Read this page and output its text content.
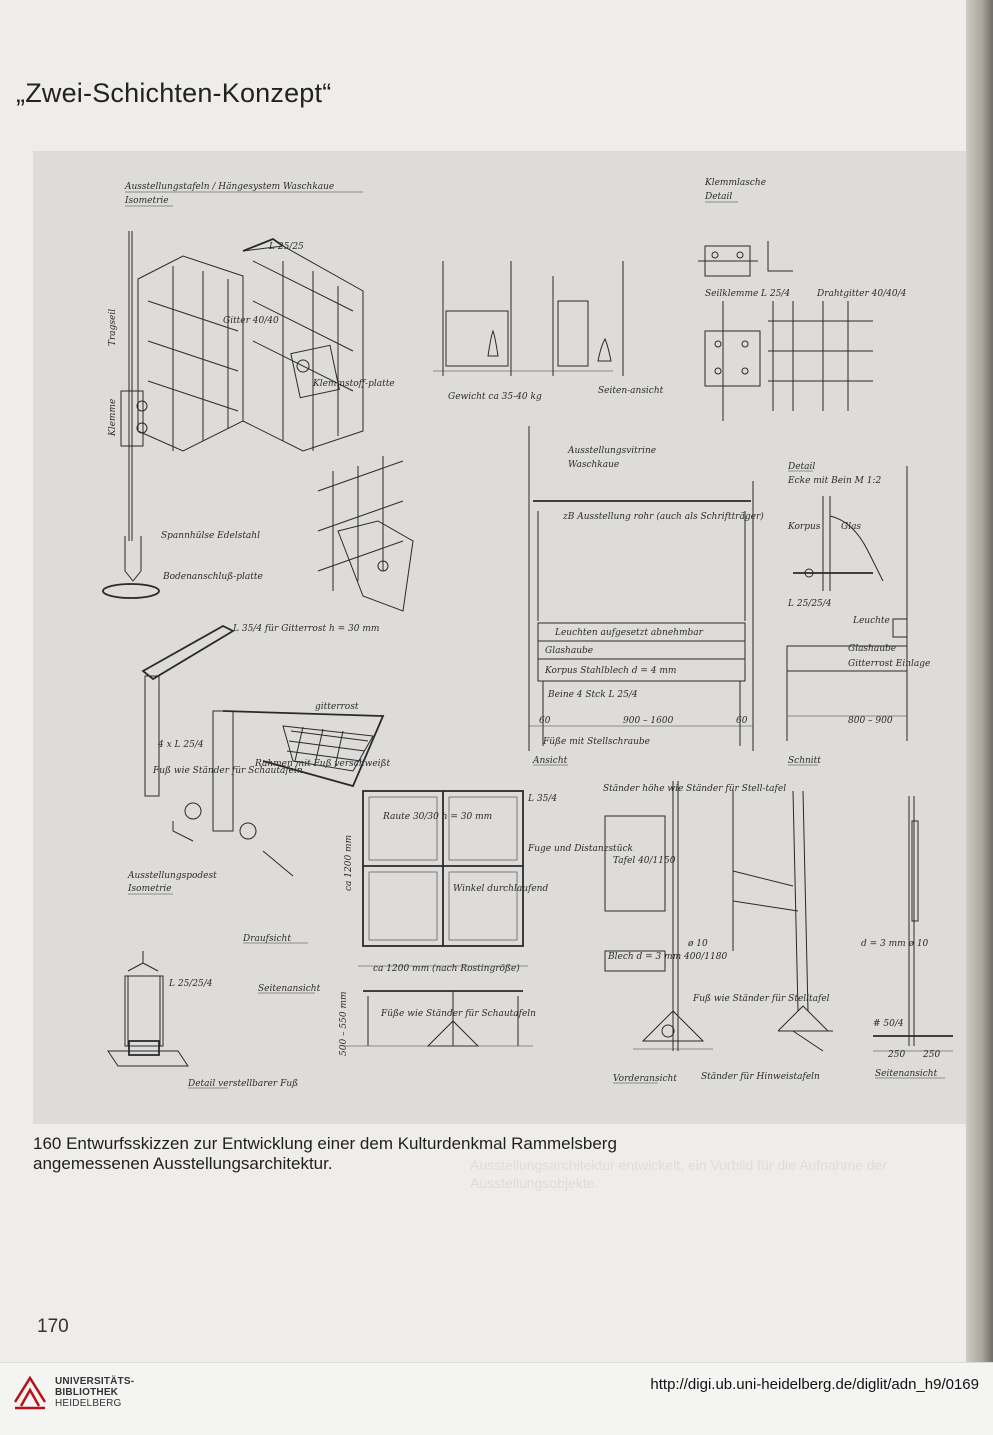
„Zwei-Schichten-Konzept“
Ausstellungstafeln / Hängesystem Waschkaue
Isometrie
Tragseil
Klemme
Spannhülse Edelstahl
Bodenanschluß-platte
L 25/25
Gitter 40/40
Klemmstoff-platte
Gewicht ca 35-40 kg
Seiten-ansicht
Klemmlasche
Detail
Seilklemme L 25/4	Drahtgitter 40/40/4
Ausstellungsvitrine
Waschkaue
zB Ausstellung rohr (auch als Schriftträger)
Leuchten aufgesetzt abnehmbar
Glashaube
Korpus Stahlblech d = 4 mm
Beine 4 Stck L 25/4
60	900 – 1600	60
Füße mit Stellschraube
Ansicht
Detail
Ecke mit Bein M 1:2
Korpus Glas
L 25/25/4
Leuchte
Glashaube
Gitterrost Einlage
800 – 900
Schnitt
L 35/4 für Gitterrost h = 30 mm
gitterrost
4 x L 25/4
Rahmen mit Fuß verschweißt
Fuß wie Ständer für Schautafeln
Ausstellungspodest
Isometrie
Raute 30/30 h = 30 mm
L 35/4
Fuge und Distanzstück
Winkel durchlaufend
ca 1200 mm
Draufsicht
ca 1200 mm (nach Rostingröße)
Seitenansicht
Füße wie Ständer für Schautafeln
500 – 550 mm
L 25/25/4
Detail verstellbarer Fuß
Ständer höhe wie Ständer für Stell-tafel
Tafel 40/1150
Blech d = 3 mm 400/1180
ø 10
Vorderansicht
Fuß wie Ständer für Stelltafel
Ständer für Hinweistafeln
d = 3 mm ø 10
# 50/4
250 250
Seitenansicht

160 Entwurfsskizzen zur Entwicklung einer dem Kulturdenkmal Rammelsberg angemessenen Ausstellungsarchitektur.	Ausstellungsarchitektur entwickelt, ein Vorbild für die Aufnahme der Ausstellungsobjekte.

170

UNIVERSITÄTS-
BIBLIOTHEK
HEIDELBERG
http://digi.ub.uni-heidelberg.de/diglit/adn_h9/0169
